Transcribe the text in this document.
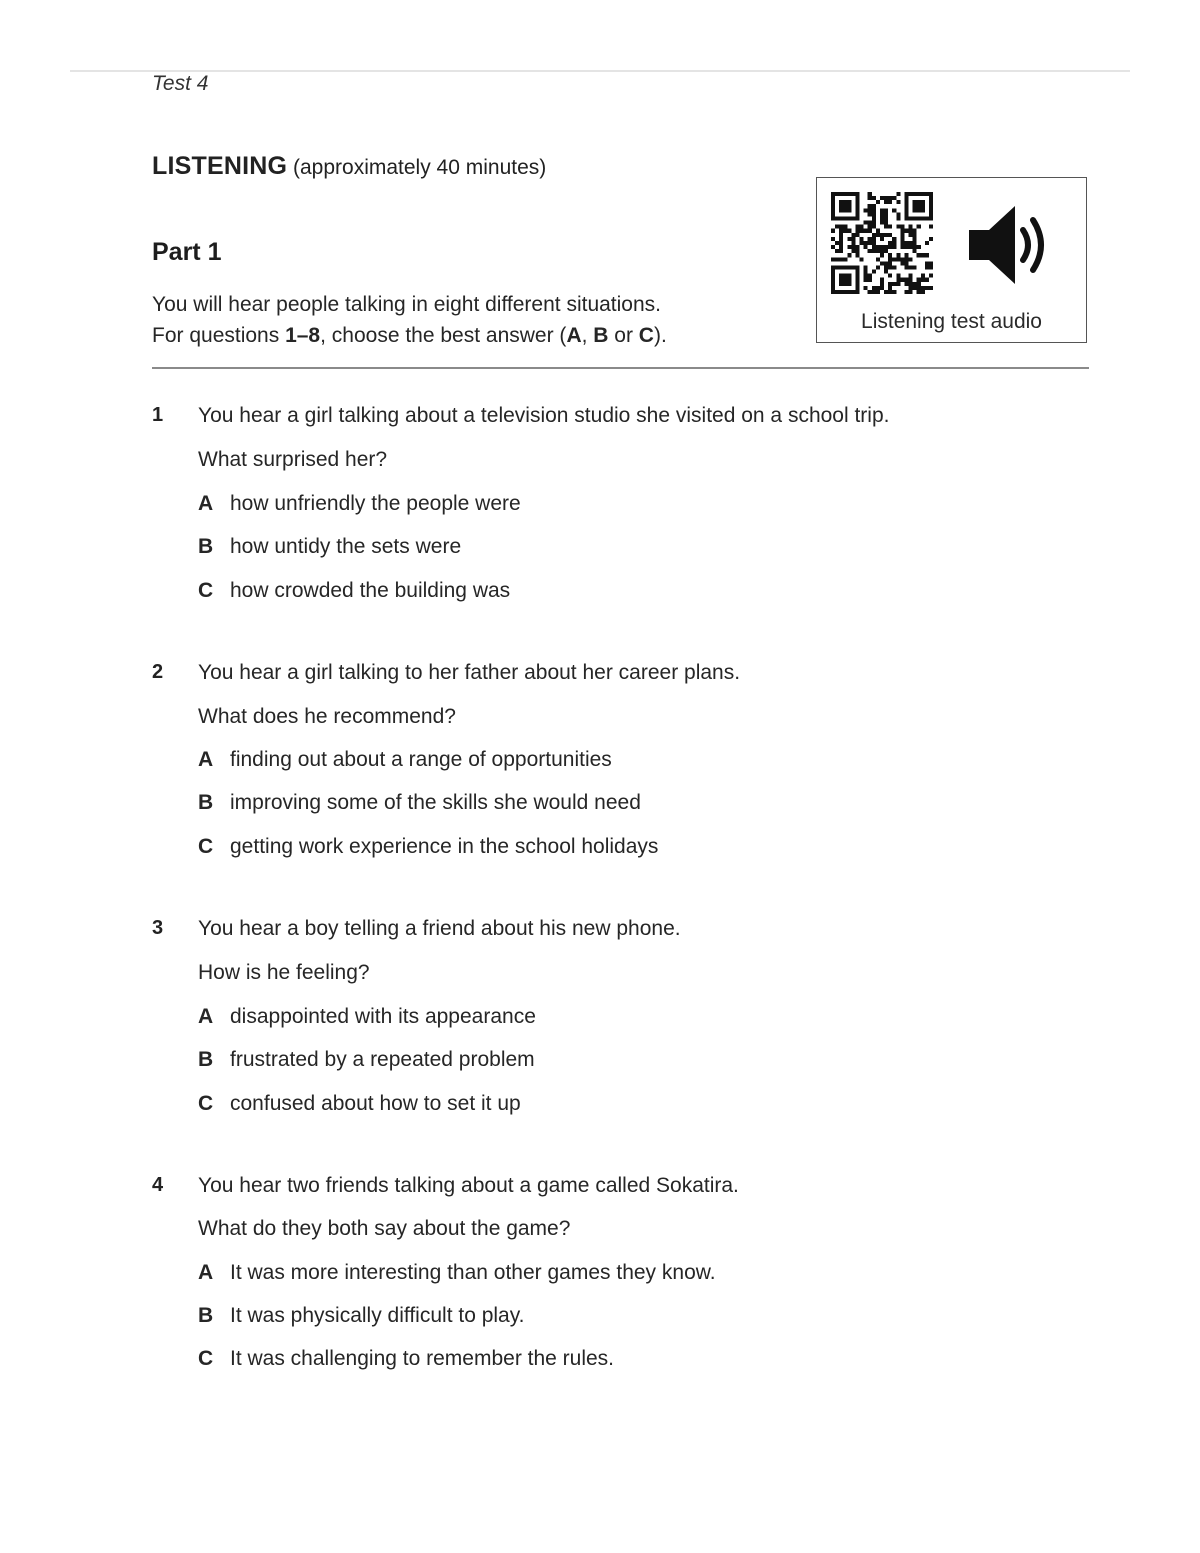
Test 4
LISTENING (approximately 40 minutes)
Part 1
You will hear people talking in eight different situations.
For questions 1–8, choose the best answer (A, B or C).
Listening test audio
1 You hear a girl talking about a television studio she visited on a school trip.
What surprised her?
A how unfriendly the people were
B how untidy the sets were
C how crowded the building was
2 You hear a girl talking to her father about her career plans.
What does he recommend?
A finding out about a range of opportunities
B improving some of the skills she would need
C getting work experience in the school holidays
3 You hear a boy telling a friend about his new phone.
How is he feeling?
A disappointed with its appearance
B frustrated by a repeated problem
C confused about how to set it up
4 You hear two friends talking about a game called Sokatira.
What do they both say about the game?
A It was more interesting than other games they know.
B It was physically difficult to play.
C It was challenging to remember the rules.
